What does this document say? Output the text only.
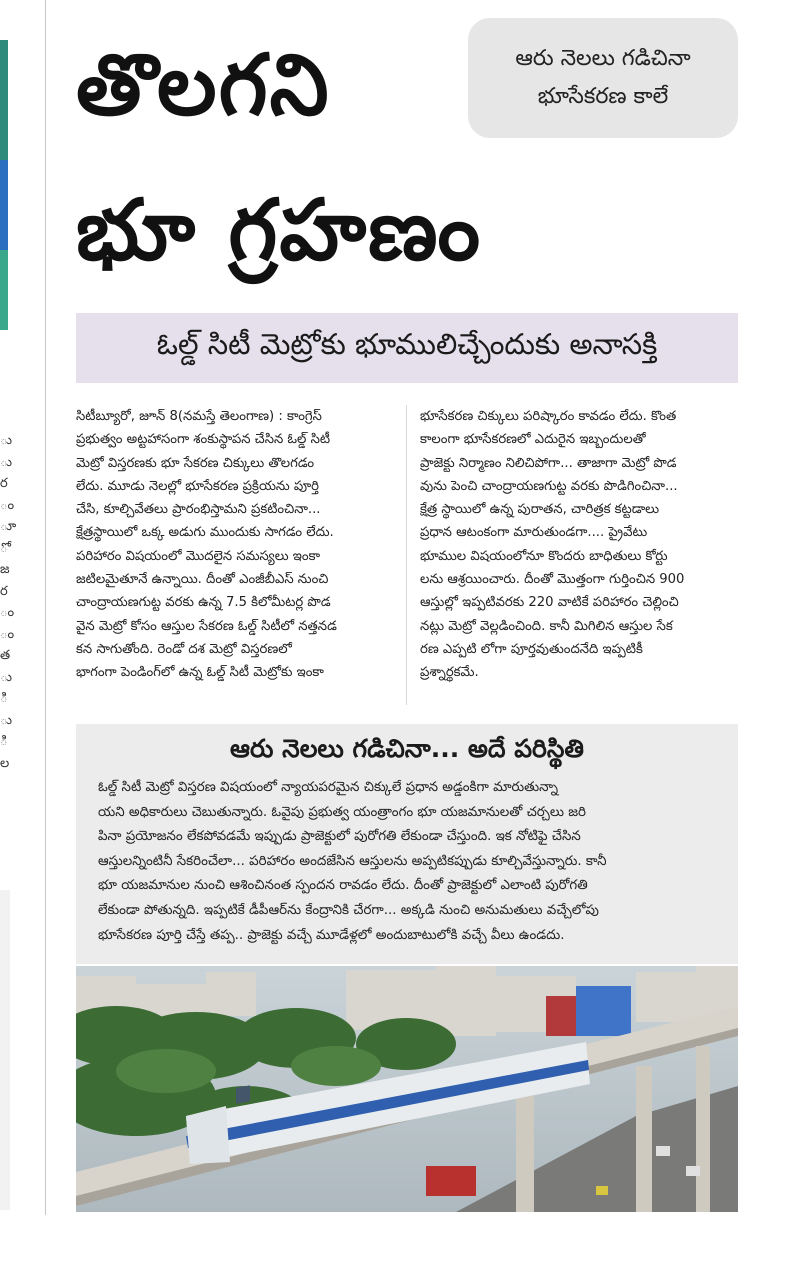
ు
ు
ర
ం
ూ
ో
జ
ర
ం
ం
త
ు
ి
ు
ి
ల
తొలగని
భూ గ్రహణం
ఆరు నెలలు గడిచినా
భూసేకరణ కాలే
ఓల్డ్ సిటీ మెట్రోకు భూములిచ్చేందుకు అనాసక్తి
సిటీబ్యూరో, జూన్ 8(నమస్తే తెలంగాణ) : కాంగ్రెస్
ప్రభుత్వం అట్టహాసంగా శంకుస్థాపన చేసిన ఓల్డ్ సిటీ
మెట్రో విస్తరణకు భూ సేకరణ చిక్కులు తొలగడం
లేదు. మూడు నెలల్లో భూసేకరణ ప్రక్రియను పూర్తి
చేసి, కూల్చివేతలు ప్రారంభిస్తామని ప్రకటించినా...
క్షేత్రస్థాయిలో ఒక్క అడుగు ముందుకు సాగడం లేదు.
పరిహారం విషయంలో మొదలైన సమస్యలు ఇంకా
జటిలమైతూనే ఉన్నాయి. దీంతో ఎంజీబీఎస్ నుంచి
చాంద్రాయణగుట్ట వరకు ఉన్న 7.5 కిలోమీటర్ల పొడ
వైన మెట్రో కోసం ఆస్తుల సేకరణ ఓల్డ్ సిటీలో నత్తనడ
కన సాగుతోంది. రెండో దశ మెట్రో విస్తరణలో
భాగంగా పెండింగ్‌లో ఉన్న ఓల్డ్ సిటీ మెట్రోకు ఇంకా
భూసేకరణ చిక్కులు పరిష్కారం కావడం లేదు. కొంత
కాలంగా భూసేకరణలో ఎదురైన ఇబ్బందులతో
ప్రాజెక్టు నిర్మాణం నిలిచిపోగా... తాజాగా మెట్రో పొడ
వును పెంచి చాంద్రాయణగుట్ట వరకు పొడిగించినా...
క్షేత్ర స్థాయిలో ఉన్న పురాతన, చారిత్రక కట్టడాలు
ప్రధాన ఆటంకంగా మారుతుండగా.... ప్రైవేటు
భూముల విషయంలోనూ కొందరు బాధితులు కోర్టు
లను ఆశ్రయించారు. దీంతో మొత్తంగా గుర్తించిన 900
ఆస్తుల్లో ఇప్పటివరకు 220 వాటికే పరిహారం చెల్లించి
నట్లు మెట్రో వెల్లడించింది. కానీ మిగిలిన ఆస్తుల సేక
రణ ఎప్పటి లోగా పూర్తవుతుందనేది ఇప్పటికీ
ప్రశ్నార్థకమే.
ఆరు నెలలు గడిచినా... అదే పరిస్థితి
ఓల్డ్ సిటీ మెట్రో విస్తరణ విషయంలో న్యాయపరమైన చిక్కులే ప్రధాన అడ్డంకిగా మారుతున్నా
యని అధికారులు చెబుతున్నారు. ఓవైపు ప్రభుత్వ యంత్రాంగం భూ యజమానులతో చర్చలు జరి
పినా ప్రయోజనం లేకపోవడమే ఇప్పుడు ప్రాజెక్టులో పురోగతి లేకుండా చేస్తుంది. ఇక నోటిఫై చేసిన
ఆస్తులన్నింటినీ సేకరించేలా... పరిహారం అందజేసిన ఆస్తులను అప్పటికప్పుడు కూల్చివేస్తున్నారు. కానీ
భూ యజమానుల నుంచి ఆశించినంత స్పందన రావడం లేదు. దీంతో ప్రాజెక్టులో ఎలాంటి పురోగతి
లేకుండా పోతున్నది. ఇప్పటికే డీపీఆర్‌ను కేంద్రానికి చేరగా... అక్కడి నుంచి అనుమతులు వచ్చేలోపు
భూసేకరణ పూర్తి చేస్తే తప్ప.. ప్రాజెక్టు వచ్చే మూడేళ్లలో అందుబాటులోకి వచ్చే వీలు ఉండదు.
